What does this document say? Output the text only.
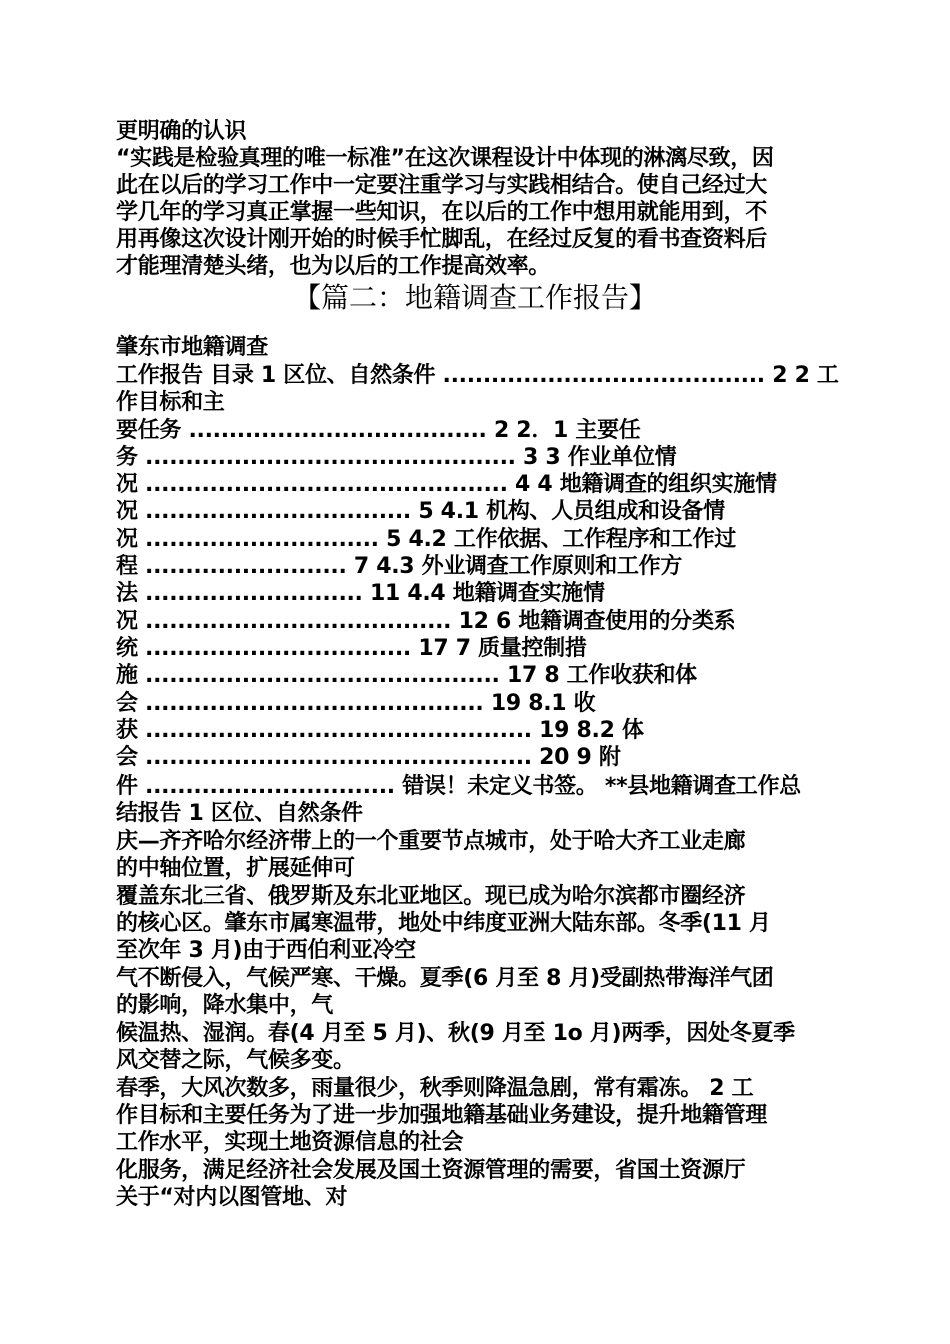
更明确的认识
“实践是检验真理的唯一标准”在这次课程设计中体现的淋漓尽致，因
此在以后的学习工作中一定要注重学习与实践相结合。使自己经过大
学几年的学习真正掌握一些知识，在以后的工作中想用就能用到，不
用再像这次设计刚开始的时候手忙脚乱，在经过反复的看书查资料后
才能理清楚头绪，也为以后的工作提高效率。
【篇二：地籍调查工作报告】
肇东市地籍调查
工作报告 目录 1 区位、自然条件 ........................................ 2 2 工
作目标和主
要任务 ..................................... 2 2．1 主要任
务 .............................................. 3 3 作业单位情
况 ............................................. 4 4 地籍调查的组织实施情
况 ................................. 5 4.1 机构、人员组成和设备情
况 ............................. 5 4.2 工作依据、工作程序和工作过
程 ......................... 7 4.3 外业调查工作原则和工作方
法 ........................... 11 4.4 地籍调查实施情
况 ...................................... 12 6 地籍调查使用的分类系
统 ................................. 17 7 质量控制措
施 ............................................ 17 8 工作收获和体
会 .......................................... 19 8.1 收
获 ................................................ 19 8.2 体
会 ................................................ 20 9 附
件 ............................... 错误！未定义书签。 **县地籍调查工作总
结报告 1 区位、自然条件
庆—齐齐哈尔经济带上的一个重要节点城市，处于哈大齐工业走廊
的中轴位置，扩展延伸可
覆盖东北三省、俄罗斯及东北亚地区。现已成为哈尔滨都市圈经济
的核心区。肇东市属寒温带，地处中纬度亚洲大陆东部。冬季(11 月
至次年 3 月)由于西伯利亚冷空
气不断侵入，气候严寒、干燥。夏季(6 月至 8 月)受副热带海洋气团
的影响，降水集中，气
候温热、湿润。春(4 月至 5 月)、秋(9 月至 1o 月)两季，因处冬夏季
风交替之际，气候多变。
春季，大风次数多，雨量很少，秋季则降温急剧，常有霜冻。 2 工
作目标和主要任务为了进一步加强地籍基础业务建设，提升地籍管理
工作水平，实现土地资源信息的社会
化服务，满足经济社会发展及国土资源管理的需要，省国土资源厅
关于“对内以图管地、对
